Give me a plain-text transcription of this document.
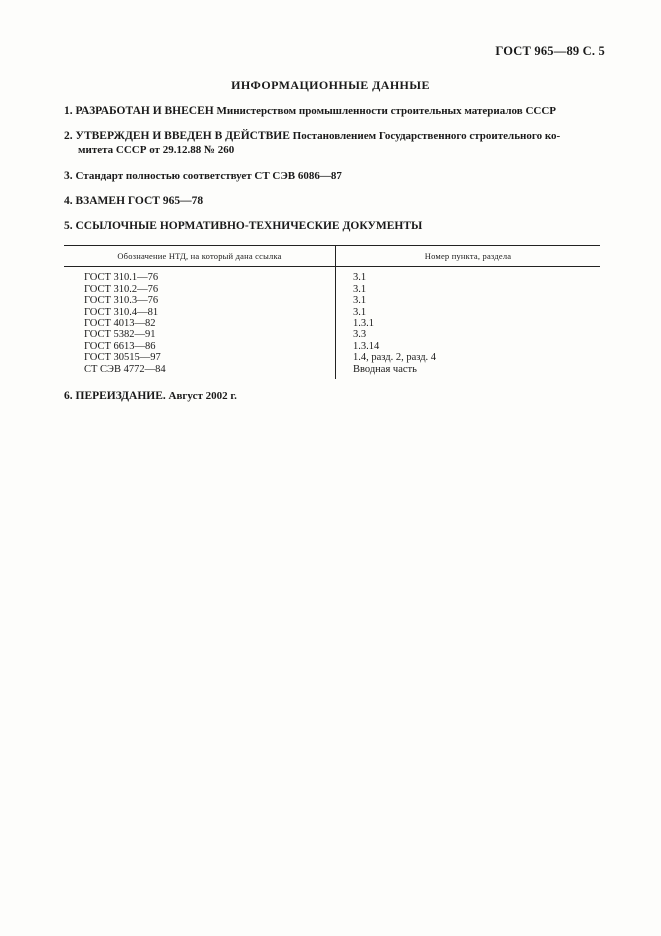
ГОСТ 965—89 С. 5
ИНФОРМАЦИОННЫЕ ДАННЫЕ
1. РАЗРАБОТАН И ВНЕСЕН Министерством промышленности строительных материалов СССР
2. УТВЕРЖДЕН И ВВЕДЕН В ДЕЙСТВИЕ Постановлением Государственного строительного ко-
митета СССР от 29.12.88 № 260
3. Стандарт полностью соответствует СТ СЭВ 6086—87
4. ВЗАМЕН ГОСТ 965—78
5. ССЫЛОЧНЫЕ НОРМАТИВНО-ТЕХНИЧЕСКИЕ ДОКУМЕНТЫ
Обозначение НТД, на который дана ссылка	Номер пункта, раздела
ГОСТ 310.1—76	3.1
ГОСТ 310.2—76	3.1
ГОСТ 310.3—76	3.1
ГОСТ 310.4—81	3.1
ГОСТ 4013—82	1.3.1
ГОСТ 5382—91	3.3
ГОСТ 6613—86	1.3.14
ГОСТ 30515—97	1.4, разд. 2, разд. 4
СТ СЭВ 4772—84	Вводная часть
6. ПЕРЕИЗДАНИЕ. Август 2002 г.
